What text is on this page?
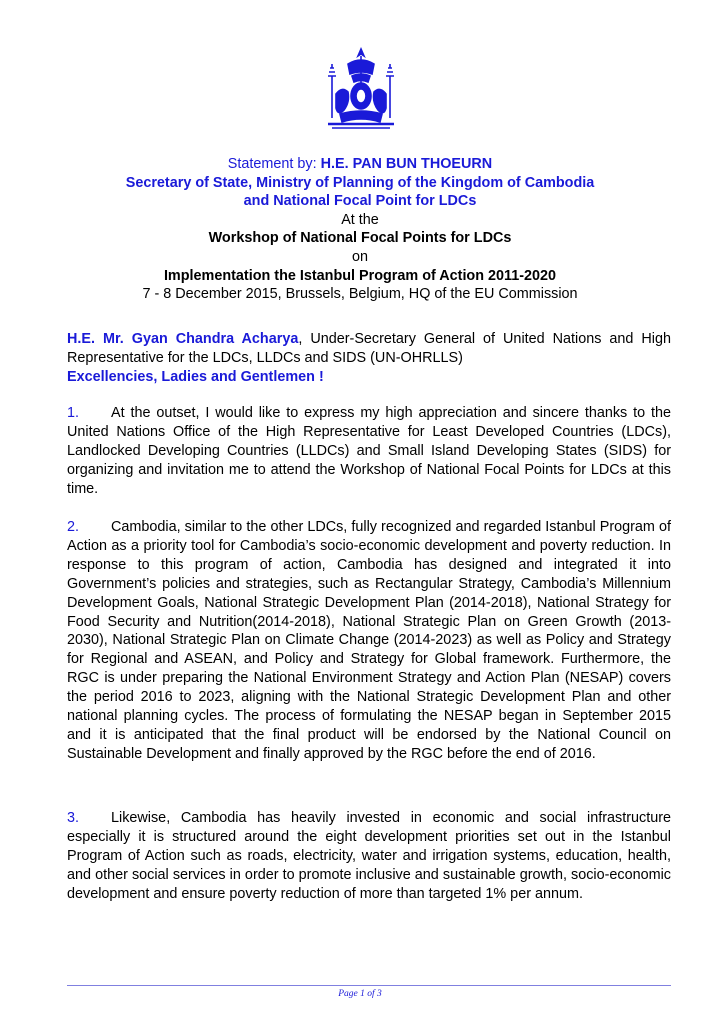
Statement by: H.E. PAN BUN THOEURN
Secretary of State, Ministry of Planning of the Kingdom of Cambodia
and National Focal Point for LDCs
At the
Workshop of National Focal Points for LDCs
on
Implementation the Istanbul Program of Action 2011-2020
7 - 8 December 2015, Brussels, Belgium, HQ of the EU Commission
H.E. Mr. Gyan Chandra Acharya, Under-Secretary General of United Nations and High Representative for the LDCs, LLDCs and SIDS (UN-OHRLLS)
Excellencies, Ladies and Gentlemen !

1. At the outset, I would like to express my high appreciation and sincere thanks to the United Nations Office of the High Representative for Least Developed Countries (LDCs), Landlocked Developing Countries (LLDCs) and Small Island Developing States (SIDS) for organizing and invitation me to attend the Workshop of National Focal Points for LDCs at this time.

2. Cambodia, similar to the other LDCs, fully recognized and regarded Istanbul Program of Action as a priority tool for Cambodia’s socio-economic development and poverty reduction. In response to this program of action, Cambodia has designed and integrated it into Government’s policies and strategies, such as Rectangular Strategy, Cambodia’s Millennium Development Goals, National Strategic Development Plan (2014-2018), National Strategy for Food Security and Nutrition(2014-2018), National Strategic Plan on Green Growth (2013-2030), National Strategic Plan on Climate Change (2014-2023) as well as Policy and Strategy for Regional and ASEAN, and Policy and Strategy for Global framework. Furthermore, the RGC is under preparing the National Environment Strategy and Action Plan (NESAP) covers the period 2016 to 2023, aligning with the National Strategic Development Plan and other national planning cycles. The process of formulating the NESAP began in September 2015 and it is anticipated that the final product will be endorsed by the National Council on Sustainable Development and finally approved by the RGC before the end of 2016.

3. Likewise, Cambodia has heavily invested in economic and social infrastructure especially it is structured around the eight development priorities set out in the Istanbul Program of Action such as roads, electricity, water and irrigation systems, education, health, and other social services in order to promote inclusive and sustainable growth, socio-economic development and ensure poverty reduction of more than targeted 1% per annum.

Page 1 of 3
